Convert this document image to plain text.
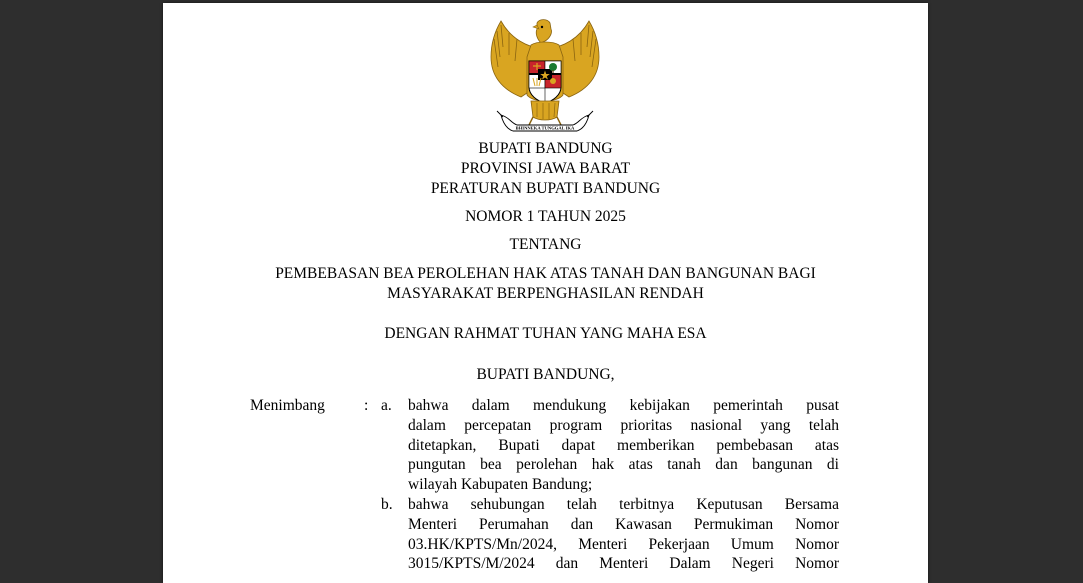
BHINNEKA TUNGGAL IKA
BUPATI BANDUNG
PROVINSI JAWA BARAT
PERATURAN BUPATI BANDUNG
NOMOR 1 TAHUN 2025
TENTANG
PEMBEBASAN BEA PEROLEHAN HAK ATAS TANAH DAN BANGUNAN BAGI
MASYARAKAT BERPENGHASILAN RENDAH
DENGAN RAHMAT TUHAN YANG MAHA ESA
BUPATI BANDUNG,
Menimbang	: a. bahwa dalam mendukung kebijakan pemerintah pusat
dalam percepatan program prioritas nasional yang telah
ditetapkan, Bupati dapat memberikan pembebasan atas
pungutan bea perolehan hak atas tanah dan bangunan di
wilayah Kabupaten Bandung;
b. bahwa sehubungan telah terbitnya Keputusan Bersama
Menteri Perumahan dan Kawasan Permukiman Nomor
03.HK/KPTS/Mn/2024, Menteri Pekerjaan Umum Nomor
3015/KPTS/M/2024 dan Menteri Dalam Negeri Nomor
